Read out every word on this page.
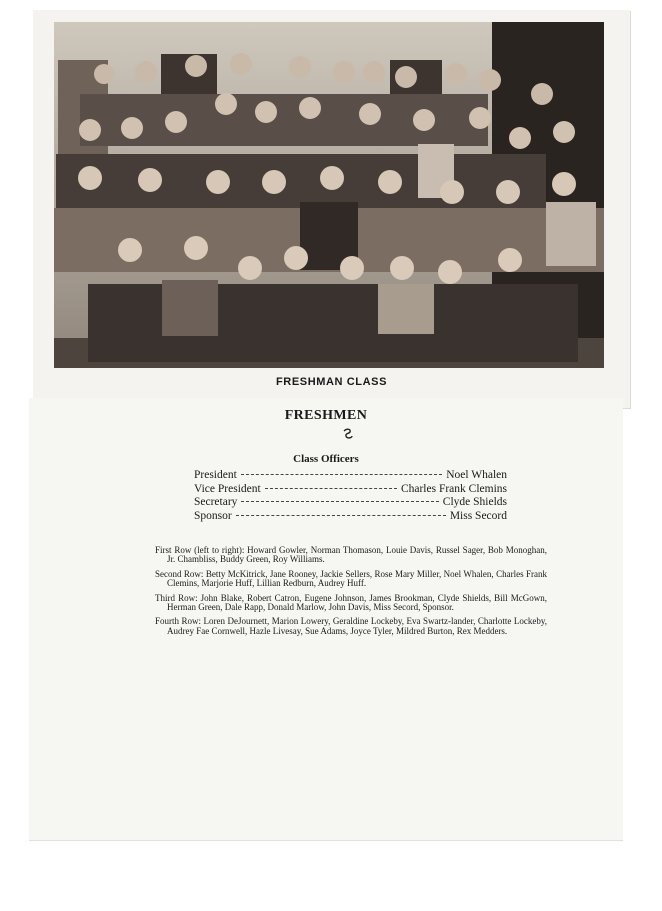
FRESHMAN CLASS
FRESHMEN
Class Officers
President	Noel Whalen
Vice President	Charles Frank Clemins
Secretary	Clyde Shields
Sponsor	Miss Secord

First Row (left to right): Howard Gowler, Norman Thomason, Louie Davis, Russel Sager, Bob Monoghan, Jr. Chambliss, Buddy Green, Roy Williams.

Second Row: Betty McKitrick, Jane Rooney, Jackie Sellers, Rose Mary Miller, Noel Whalen, Charles Frank Clemins, Marjorie Huff, Lillian Redburn, Audrey Huff.

Third Row: John Blake, Robert Catron, Eugene Johnson, James Brookman, Clyde Shields, Bill McGown, Herman Green, Dale Rapp, Donald Marlow, John Davis, Miss Secord, Sponsor.

Fourth Row: Loren DeJournett, Marion Lowery, Geraldine Lockeby, Eva Swartz-lander, Charlotte Lockeby, Audrey Fae Cornwell, Hazle Livesay, Sue Adams, Joyce Tyler, Mildred Burton, Rex Medders.
